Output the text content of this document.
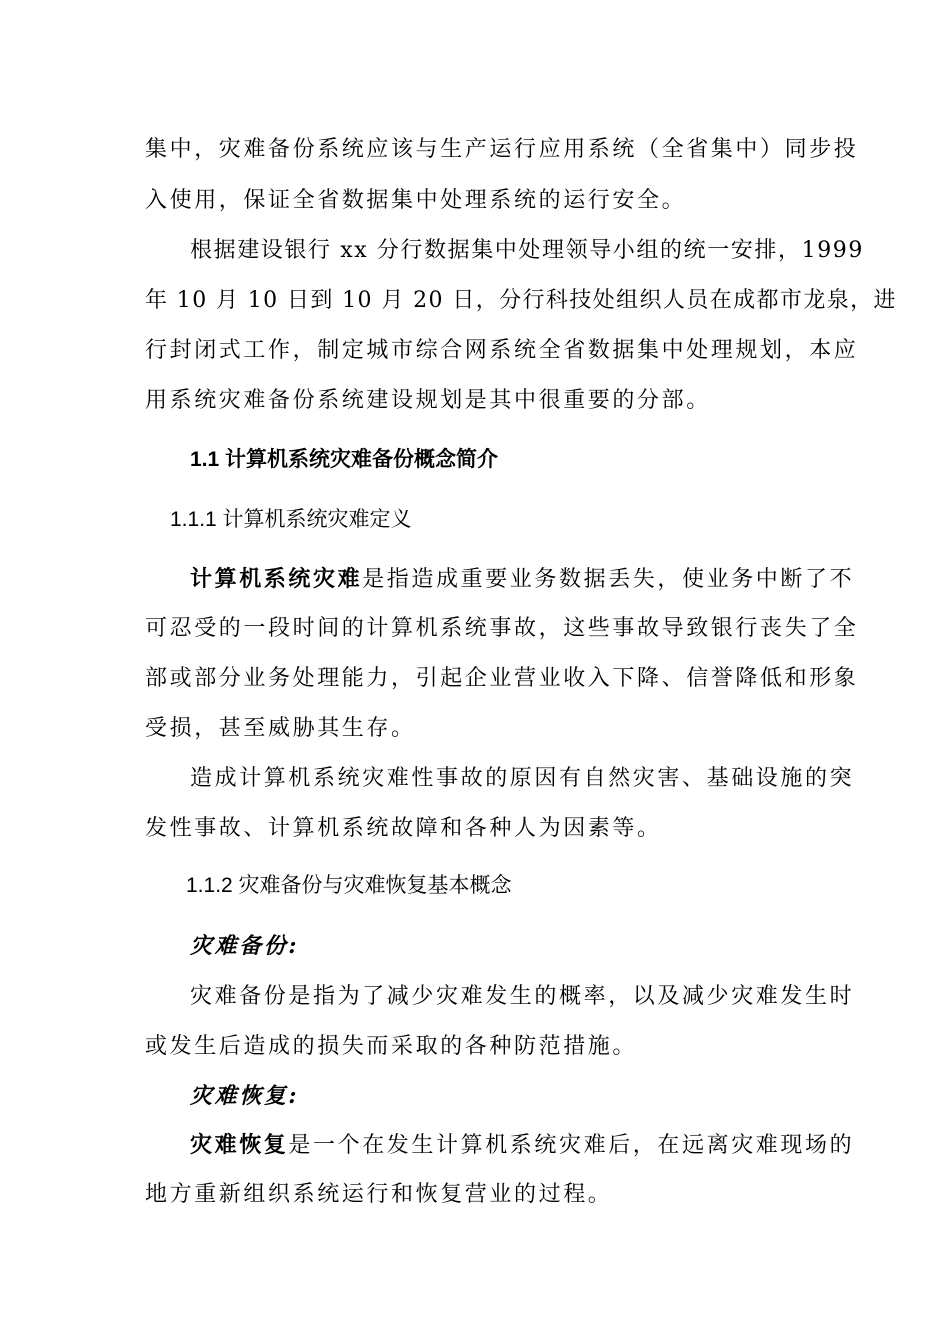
集中，灾难备份系统应该与生产运行应用系统（全省集中）同步投
入使用，保证全省数据集中处理系统的运行安全。
根据建设银行 xx 分行数据集中处理领导小组的统一安排，1999
年 10 月 10 日到 10 月 20 日，分行科技处组织人员在成都市龙泉，进
行封闭式工作，制定城市综合网系统全省数据集中处理规划，本应
用系统灾难备份系统建设规划是其中很重要的分部。
1.1 计算机系统灾难备份概念简介
1.1.1 计算机系统灾难定义
计算机系统灾难是指造成重要业务数据丢失，使业务中断了不
可忍受的一段时间的计算机系统事故，这些事故导致银行丧失了全
部或部分业务处理能力，引起企业营业收入下降、信誉降低和形象
受损，甚至威胁其生存。
造成计算机系统灾难性事故的原因有自然灾害、基础设施的突
发性事故、计算机系统故障和各种人为因素等。
1.1.2 灾难备份与灾难恢复基本概念
灾难备份:
灾难备份是指为了减少灾难发生的概率，以及减少灾难发生时
或发生后造成的损失而采取的各种防范措施。
灾难恢复:
灾难恢复是一个在发生计算机系统灾难后，在远离灾难现场的
地方重新组织系统运行和恢复营业的过程。
